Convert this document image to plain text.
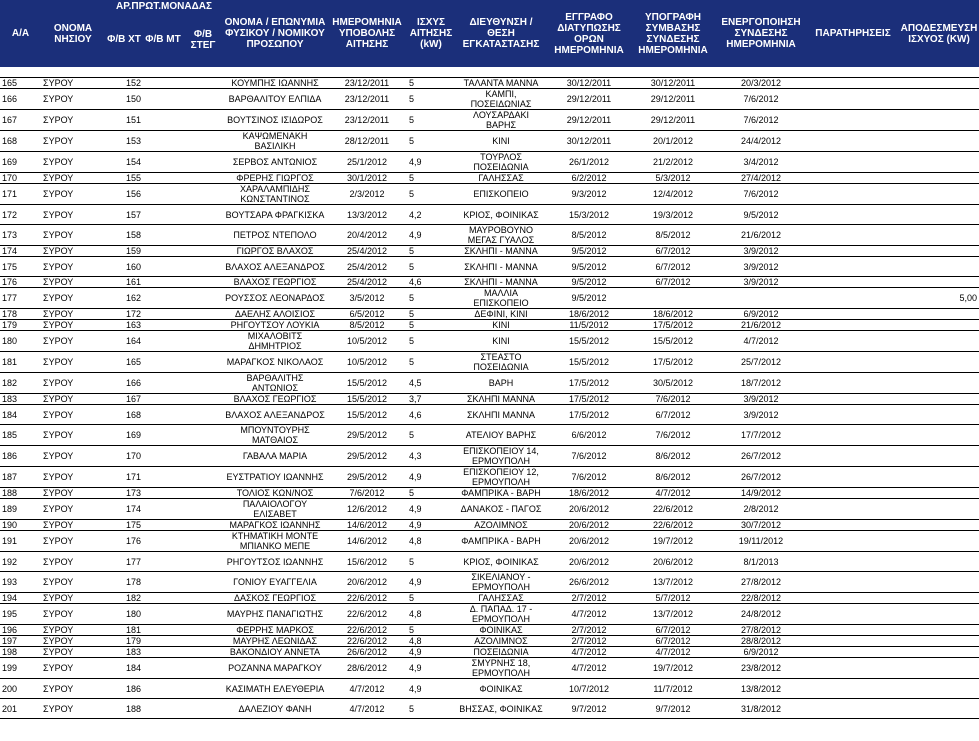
Α/Α	ΟΝΟΜΑ ΝΗΣΙΟΥ	ΑΡ.ΠΡΩΤ.ΜΟΝΑΔΑΣ			ΟΝΟΜΑ / ΕΠΩΝΥΜΙΑ ΦΥΣΙΚΟΥ / ΝΟΜΙΚΟΥ ΠΡΟΣΩΠΟΥ	ΗΜΕΡΟΜΗΝΙΑ ΥΠΟΒΟΛΗΣ ΑΙΤΗΣΗΣ	ΙΣΧΥΣ ΑΙΤΗΣΗΣ (kW)	ΔΙΕΥΘΥΝΣΗ / ΘΕΣΗ ΕΓΚΑΤΑΣΤΑΣΗΣ	ΕΓΓΡΑΦΟ ΔΙΑΤΥΠΩΣΗΣ ΟΡΩΝ ΗΜΕΡΟΜΗΝΙΑ	ΥΠΟΓΡΑΦΗ ΣΥΜΒΑΣΗΣ ΣΥΝΔΕΣΗΣ ΗΜΕΡΟΜΗΝΙΑ	ΕΝΕΡΓΟΠΟΙΗΣΗ ΣΥΝΔΕΣΗΣ ΗΜΕΡΟΜΗΝΙΑ	ΠΑΡΑΤΗΡΗΣΕΙΣ	ΑΠΟΔΕΣΜΕΥΣΗ ΙΣΧΥΟΣ (KW)
		Φ/Β ΧΤ	Φ/Β ΜΤ	Φ/Β ΣΤΕΓ									
165	ΣΥΡΟΥ	152			ΚΟΥΜΠΗΣ ΙΩΑΝΝΗΣ	23/12/2011	5	ΤΑΛΑΝΤΑ ΜΑΝΝΑ	30/12/2011	30/12/2011	20/3/2012		
166	ΣΥΡΟΥ	150			ΒΑΡΘΑΛΙΤΟΥ ΕΛΠΙΔΑ	23/12/2011	5	ΚΑΜΠΙ, ΠΟΣΕΙΔΩΝΙΑΣ	29/12/2011	29/12/2011	7/6/2012		
167	ΣΥΡΟΥ	151			ΒΟΥΤΣΙΝΟΣ ΙΣΙΔΩΡΟΣ	23/12/2011	5	ΛΟΥΣΑΡΔΑΚΙ ΒΑΡΗΣ	29/12/2011	29/12/2011	7/6/2012		
168	ΣΥΡΟΥ	153			ΚΑΨΩΜΕΝΑΚΗ ΒΑΣΙΛΙΚΗ	28/12/2011	5	ΚΙΝΙ	30/12/2011	20/1/2012	24/4/2012		
169	ΣΥΡΟΥ	154			ΣΕΡΒΟΣ ΑΝΤΩΝΙΟΣ	25/1/2012	4,9	ΤΟΥΡΛΟΣ ΠΟΣΕΙΔΩΝΙΑ	26/1/2012	21/2/2012	3/4/2012		
170	ΣΥΡΟΥ	155			ΦΡΕΡΗΣ ΓΙΩΡΓΟΣ	30/1/2012	5	ΓΑΛΗΣΣΑΣ	6/2/2012	5/3/2012	27/4/2012		
171	ΣΥΡΟΥ	156			ΧΑΡΑΛΑΜΠΙΔΗΣ ΚΩΝΣΤΑΝΤΙΝΟΣ	2/3/2012	5	ΕΠΙΣΚΟΠΕΙΟ	9/3/2012	12/4/2012	7/6/2012		
172	ΣΥΡΟΥ	157			ΒΟΥΤΣΑΡΑ ΦΡΑΓΚΙΣΚΑ	13/3/2012	4,2	ΚΡΙΟΣ, ΦΟΙΝΙΚΑΣ	15/3/2012	19/3/2012	9/5/2012		
173	ΣΥΡΟΥ	158			ΠΕΤΡΟΣ ΝΤΕΠΟΛΟ	20/4/2012	4,9	ΜΑΥΡΟΒΟΥΝΟ ΜΕΓΑΣ ΓΥΑΛΟΣ	8/5/2012	8/5/2012	21/6/2012		
174	ΣΥΡΟΥ	159			ΓΙΩΡΓΟΣ ΒΛΑΧΟΣ	25/4/2012	5	ΣΚΛΗΠΙ - ΜΑΝΝΑ	9/5/2012	6/7/2012	3/9/2012		
175	ΣΥΡΟΥ	160			ΒΛΑΧΟΣ ΑΛΕΞΑΝΔΡΟΣ	25/4/2012	5	ΣΚΛΗΠΙ - ΜΑΝΝΑ	9/5/2012	6/7/2012	3/9/2012		
176	ΣΥΡΟΥ	161			ΒΛΑΧΟΣ ΓΕΩΡΓΙΟΣ	25/4/2012	4,6	ΣΚΛΗΠΙ - ΜΑΝΝΑ	9/5/2012	6/7/2012	3/9/2012		
177	ΣΥΡΟΥ	162			ΡΟΥΣΣΟΣ ΛΕΟΝΑΡΔΟΣ	3/5/2012	5	ΜΑΛΛΙΑ ΕΠΙΣΚΟΠΕΙΟ	9/5/2012				5,00
178	ΣΥΡΟΥ	172			ΔΑΕΛΗΣ ΑΛΟΙΣΙΟΣ	6/5/2012	5	ΔΕΦΙΝΙ, ΚΙΝΙ	18/6/2012	18/6/2012	6/9/2012		
179	ΣΥΡΟΥ	163			ΡΗΓΟΥΤΣΟΥ ΛΟΥΚΙΑ	8/5/2012	5	ΚΙΝΙ	11/5/2012	17/5/2012	21/6/2012		
180	ΣΥΡΟΥ	164			ΜΙΧΑΛΟΒΙΤΣ ΔΗΜΗΤΡΙΟΣ	10/5/2012	5	ΚΙΝΙ	15/5/2012	15/5/2012	4/7/2012		
181	ΣΥΡΟΥ	165			ΜΑΡΑΓΚΟΣ ΝΙΚΟΛΑΟΣ	10/5/2012	5	ΣΤΕΑΣΤΟ ΠΟΣΕΙΔΩΝΙΑ	15/5/2012	17/5/2012	25/7/2012		
182	ΣΥΡΟΥ	166			ΒΑΡΘΑΛΙΤΗΣ ΑΝΤΩΝΙΟΣ	15/5/2012	4,5	ΒΑΡΗ	17/5/2012	30/5/2012	18/7/2012		
183	ΣΥΡΟΥ	167			ΒΛΑΧΟΣ ΓΕΩΡΓΙΟΣ	15/5/2012	3,7	ΣΚΛΗΠΙ ΜΑΝΝΑ	17/5/2012	7/6/2012	3/9/2012		
184	ΣΥΡΟΥ	168			ΒΛΑΧΟΣ ΑΛΕΞΑΝΔΡΟΣ	15/5/2012	4,6	ΣΚΛΗΠΙ ΜΑΝΝΑ	17/5/2012	6/7/2012	3/9/2012		
185	ΣΥΡΟΥ	169			ΜΠΟΥΝΤΟΥΡΗΣ ΜΑΤΘΑΙΟΣ	29/5/2012	5	ΑΤΕΛΙΟΥ ΒΑΡΗΣ	6/6/2012	7/6/2012	17/7/2012		
186	ΣΥΡΟΥ	170			ΓΑΒΑΛΑ ΜΑΡΙΑ	29/5/2012	4,3	ΕΠΙΣΚΟΠΕΙΟΥ 14, ΕΡΜΟΥΠΟΛΗ	7/6/2012	8/6/2012	26/7/2012		
187	ΣΥΡΟΥ	171			ΕΥΣΤΡΑΤΙΟΥ ΙΩΑΝΝΗΣ	29/5/2012	4,9	ΕΠΙΣΚΟΠΕΙΟΥ 12, ΕΡΜΟΥΠΟΛΗ	7/6/2012	8/6/2012	26/7/2012		
188	ΣΥΡΟΥ	173			ΤΟΛΙΟΣ ΚΩΝ/ΝΟΣ	7/6/2012	5	ΦΑΜΠΡΙΚΑ - ΒΑΡΗ	18/6/2012	4/7/2012	14/9/2012		
189	ΣΥΡΟΥ	174			ΠΑΛΑΙΟΛΟΓΟΥ ΕΛΙΣΑΒΕΤ	12/6/2012	4,9	ΔΑΝΑΚΟΣ - ΠΑΓΟΣ	20/6/2012	22/6/2012	2/8/2012		
190	ΣΥΡΟΥ	175			ΜΑΡΑΓΚΟΣ ΙΩΑΝΝΗΣ	14/6/2012	4,9	ΑΖΟΛΙΜΝΟΣ	20/6/2012	22/6/2012	30/7/2012		
191	ΣΥΡΟΥ	176			ΚΤΗΜΑΤΙΚΗ ΜΟΝΤΕ ΜΠΙΑΝΚΟ ΜΕΠΕ	14/6/2012	4,8	ΦΑΜΠΡΙΚΑ - ΒΑΡΗ	20/6/2012	19/7/2012	19/11/2012		
192	ΣΥΡΟΥ	177			ΡΗΓΟΥΤΣΟΣ ΙΩΑΝΝΗΣ	15/6/2012	5	ΚΡΙΟΣ, ΦΟΙΝΙΚΑΣ	20/6/2012	20/6/2012	8/1/2013		
193	ΣΥΡΟΥ	178			ΓΟΝΙΟΥ ΕΥΑΓΓΕΛΙΑ	20/6/2012	4,9	ΣΙΚΕΛΙΑΝΟΥ - ΕΡΜΟΥΠΟΛΗ	26/6/2012	13/7/2012	27/8/2012		
194	ΣΥΡΟΥ	182			ΔΑΣΚΟΣ ΓΕΩΡΓΙΟΣ	22/6/2012	5	ΓΑΛΗΣΣΑΣ	2/7/2012	5/7/2012	22/8/2012		
195	ΣΥΡΟΥ	180			ΜΑΥΡΗΣ ΠΑΝΑΓΙΩΤΗΣ	22/6/2012	4,8	Δ. ΠΑΠΑΔ. 17 - ΕΡΜΟΥΠΟΛΗ	4/7/2012	13/7/2012	24/8/2012		
196	ΣΥΡΟΥ	181			ΦΕΡΡΗΣ ΜΑΡΚΟΣ	22/6/2012	5	ΦΟΙΝΙΚΑΣ	2/7/2012	6/7/2012	27/8/2012		
197	ΣΥΡΟΥ	179			ΜΑΥΡΗΣ ΛΕΩΝΙΔΑΣ	22/6/2012	4,8	ΑΖΟΛΙΜΝΟΣ	2/7/2012	6/7/2012	28/8/2012		
198	ΣΥΡΟΥ	183			ΒΑΚΟΝΔΙΟΥ ΑΝΝΕΤΑ	26/6/2012	4,9	ΠΟΣΕΙΔΩΝΙΑ	4/7/2012	4/7/2012	6/9/2012		
199	ΣΥΡΟΥ	184			ΡΟΖΑΝΝΑ ΜΑΡΑΓΚΟΥ	28/6/2012	4,9	ΣΜΥΡΝΗΣ 18, ΕΡΜΟΥΠΟΛΗ	4/7/2012	19/7/2012	23/8/2012		
200	ΣΥΡΟΥ	186			ΚΑΣΙΜΑΤΗ ΕΛΕΥΘΕΡΙΑ	4/7/2012	4,9	ΦΟΙΝΙΚΑΣ	10/7/2012	11/7/2012	13/8/2012		
201	ΣΥΡΟΥ	188			ΔΑΛΕΖΙΟΥ ΦΑΝΗ	4/7/2012	5	ΒΗΣΣΑΣ, ΦΟΙΝΙΚΑΣ	9/7/2012	9/7/2012	31/8/2012		
